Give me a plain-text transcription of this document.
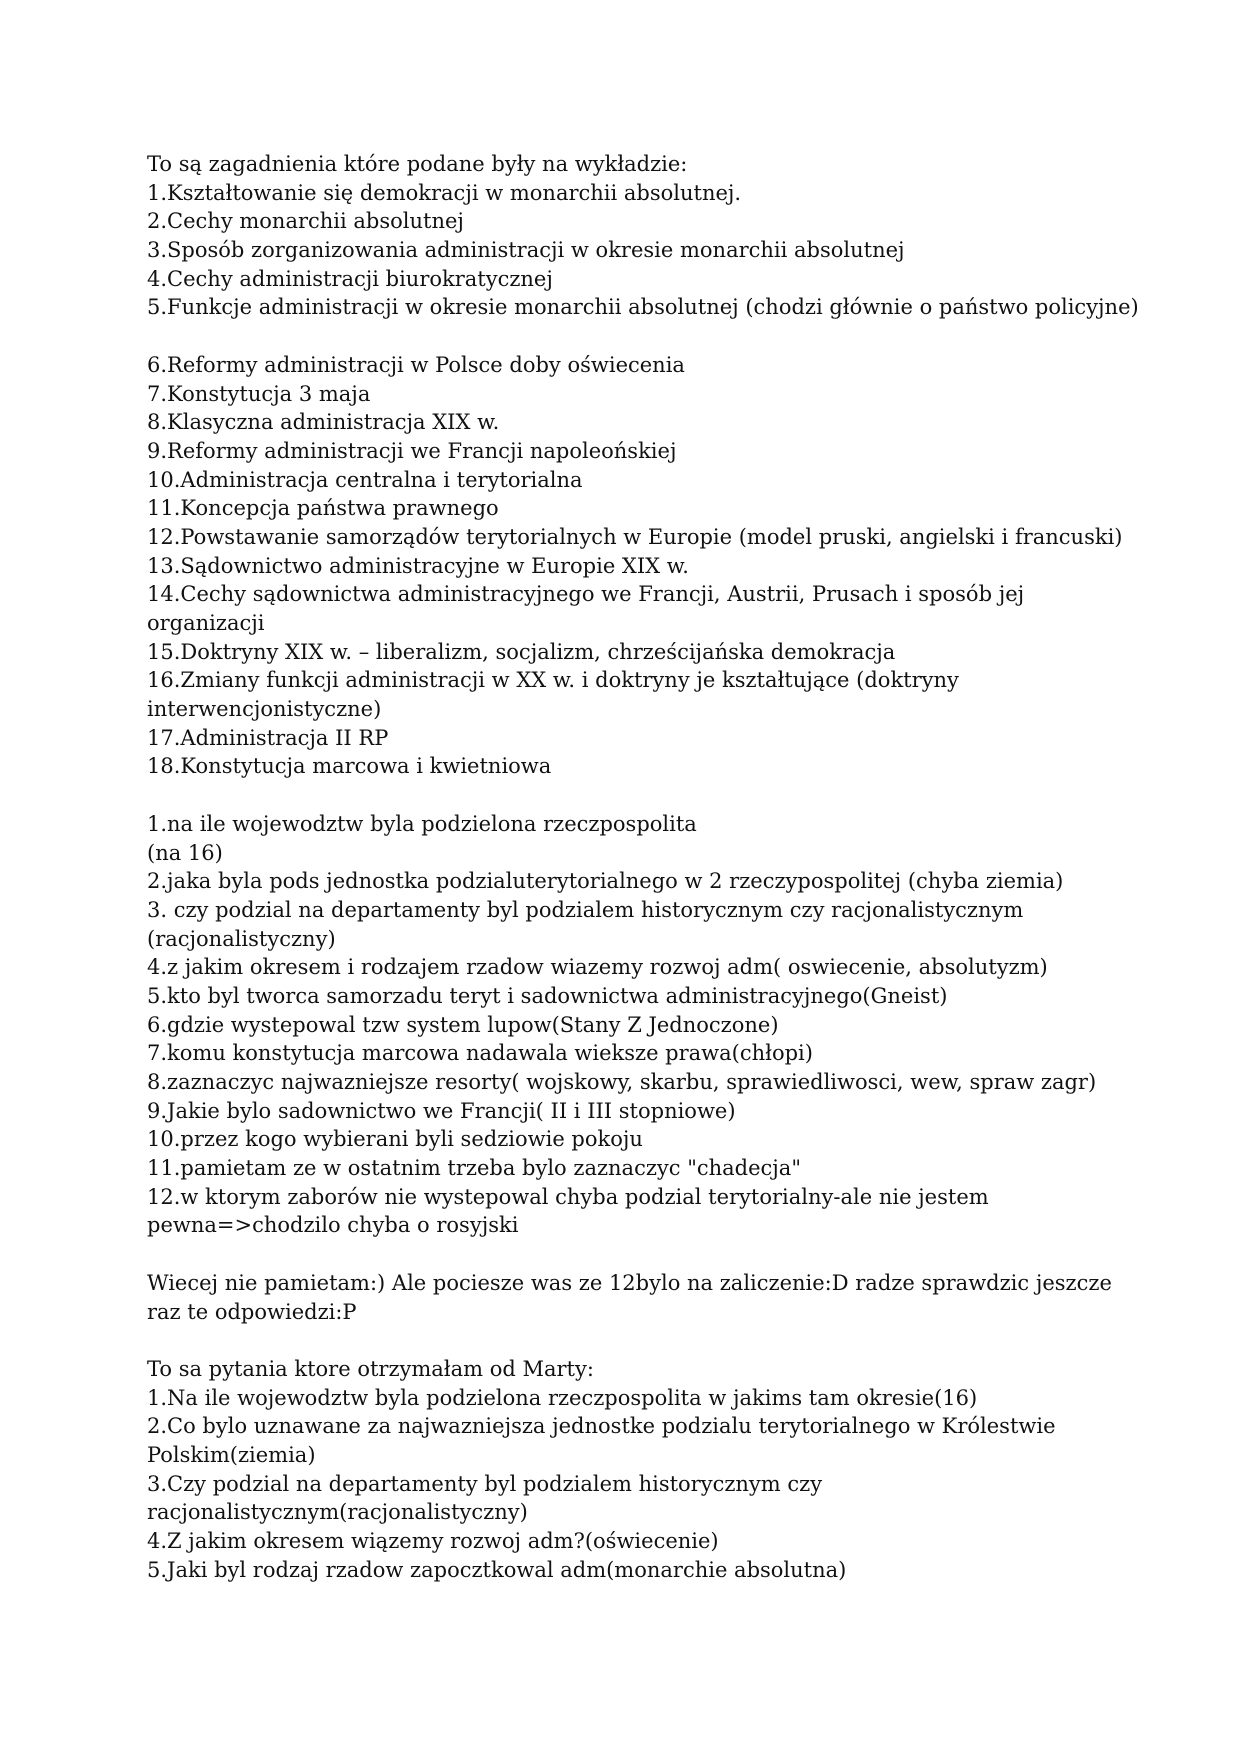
To są zagadnienia które podane były na wykładzie:
1.Kształtowanie się demokracji w monarchii absolutnej.
2.Cechy monarchii absolutnej
3.Sposób zorganizowania administracji w okresie monarchii absolutnej
4.Cechy administracji biurokratycznej
5.Funkcje administracji w okresie monarchii absolutnej (chodzi głównie o państwo policyjne)
6.Reformy administracji w Polsce doby oświecenia
7.Konstytucja 3 maja
8.Klasyczna administracja XIX w.
9.Reformy administracji we Francji napoleońskiej
10.Administracja centralna i terytorialna
11.Koncepcja państwa prawnego
12.Powstawanie samorządów terytorialnych w Europie (model pruski, angielski i francuski)
13.Sądownictwo administracyjne w Europie XIX w.
14.Cechy sądownictwa administracyjnego we Francji, Austrii, Prusach i sposób jej
organizacji
15.Doktryny XIX w. – liberalizm, socjalizm, chrześcijańska demokracja
16.Zmiany funkcji administracji w XX w. i doktryny je kształtujące (doktryny
interwencjonistyczne)
17.Administracja II RP
18.Konstytucja marcowa i kwietniowa
1.na ile wojewodztw byla podzielona rzeczpospolita
(na 16)
2.jaka byla pods jednostka podzialuterytorialnego w 2 rzeczypospolitej (chyba ziemia)
3. czy podzial na departamenty byl podzialem historycznym czy racjonalistycznym
(racjonalistyczny)
4.z jakim okresem i rodzajem rzadow wiazemy rozwoj adm( oswiecenie, absolutyzm)
5.kto byl tworca samorzadu teryt i sadownictwa administracyjnego(Gneist)
6.gdzie wystepowal tzw system lupow(Stany Z Jednoczone)
7.komu konstytucja marcowa nadawala wieksze prawa(chłopi)
8.zaznaczyc najwazniejsze resorty( wojskowy, skarbu, sprawiedliwosci, wew, spraw zagr)
9.Jakie bylo sadownictwo we Francji( II i III stopniowe)
10.przez kogo wybierani byli sedziowie pokoju
11.pamietam ze w ostatnim trzeba bylo zaznaczyc "chadecja"
12.w ktorym zaborów nie wystepowal chyba podzial terytorialny-ale nie jestem
pewna=>chodzilo chyba o rosyjski
Wiecej nie pamietam:) Ale pociesze was ze 12bylo na zaliczenie:D radze sprawdzic jeszcze
raz te odpowiedzi:P
To sa pytania ktore otrzymałam od Marty:
1.Na ile wojewodztw byla podzielona rzeczpospolita w jakims tam okresie(16)
2.Co bylo uznawane za najwazniejsza jednostke podzialu terytorialnego w Królestwie
Polskim(ziemia)
3.Czy podzial na departamenty byl podzialem historycznym czy
racjonalistycznym(racjonalistyczny)
4.Z jakim okresem wiązemy rozwoj adm?(oświecenie)
5.Jaki byl rodzaj rzadow zapocztkowal adm(monarchie absolutna)
